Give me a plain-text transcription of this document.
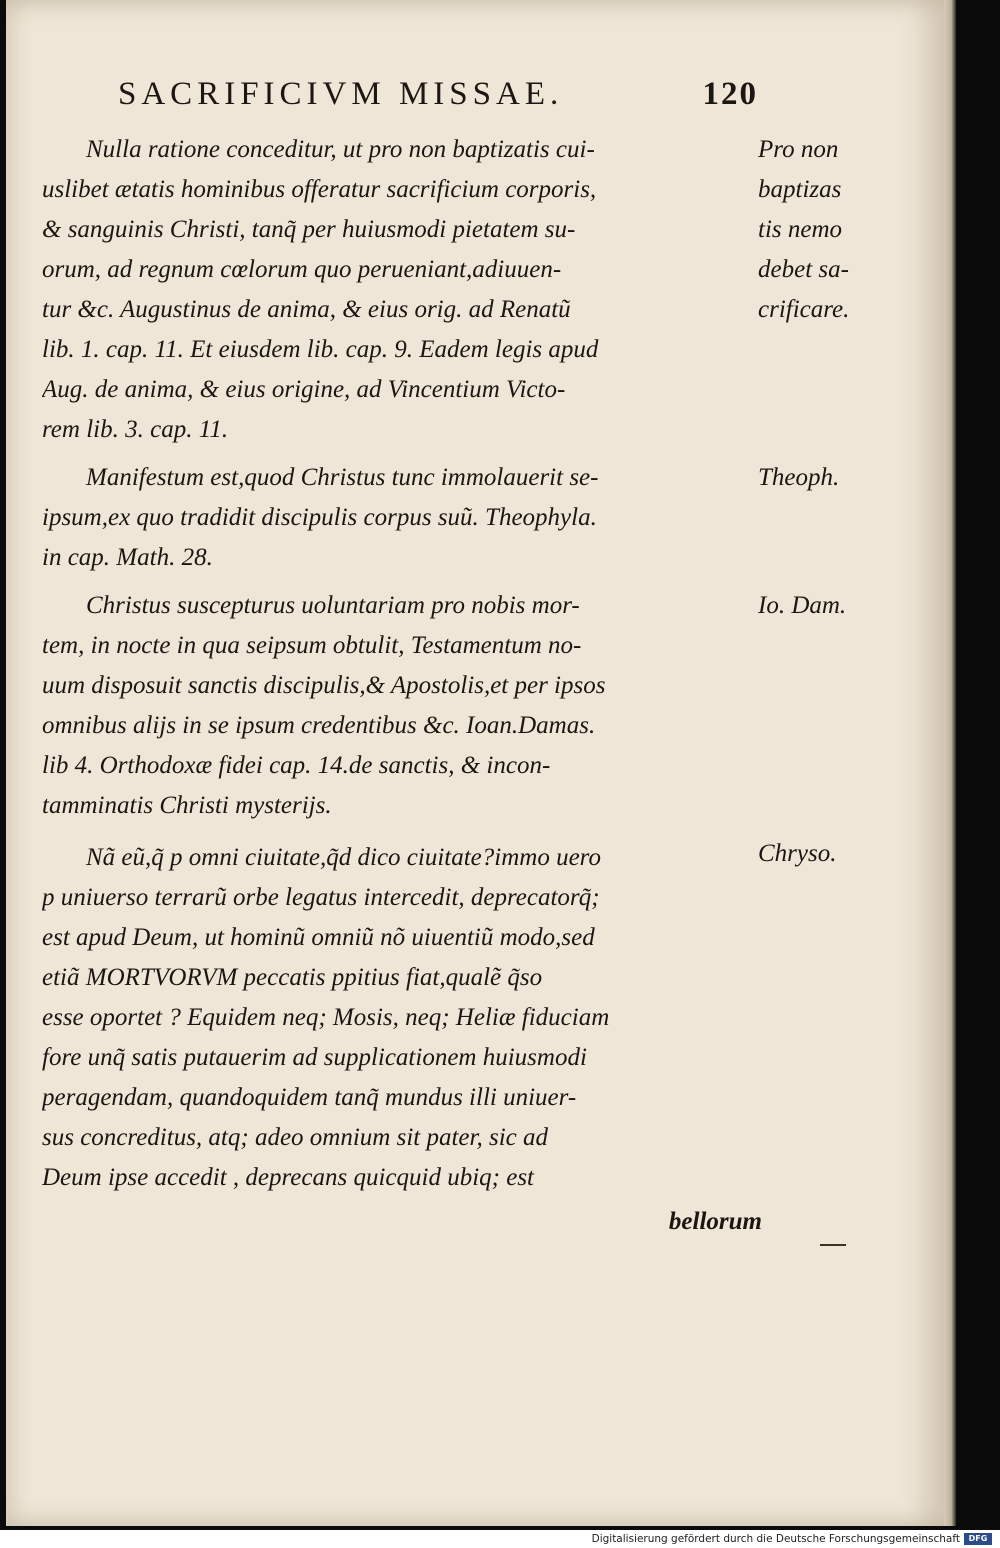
SACRIFICIVM MISSAE.	120
Nulla ratione conceditur, ut pro non baptizatis cui-
uslibet ætatis hominibus offeratur sacrificium corporis,
& sanguinis Christi, tanq̃ per huiusmodi pietatem su-
orum, ad regnum cœlorum quo perueniant,adiuuen-
tur &c. Augustinus de anima, & eius orig. ad Renatũ
lib. 1. cap. 11. Et eiusdem lib. cap. 9. Eadem legis apud
Aug. de anima, & eius origine, ad Vincentium Victo-
rem lib. 3. cap. 11.
Manifestum est,quod Christus tunc immolauerit se-
ipsum,ex quo tradidit discipulis corpus suũ. Theophyla.
in cap. Math. 28.
Christus suscepturus uoluntariam pro nobis mor-
tem, in nocte in qua seipsum obtulit, Testamentum no-
uum disposuit sanctis discipulis,& Apostolis,et per ipsos
omnibus alijs in se ipsum credentibus &c. Ioan.Damas.
lib 4. Orthodoxæ fidei cap. 14.de sanctis, & incon-
tamminatis Christi mysterijs.
Nã eũ,q̃ p omni ciuitate,q̃d dico ciuitate?immo uero
p uniuerso terrarũ orbe legatus intercedit, deprecatorq̃;
est apud Deum, ut hominũ omniũ nõ uiuentiũ modo,sed
etiã MORTVORVM peccatis ppitius fiat,qualẽ q̃so
esse oportet ? Equidem neq; Mosis, neq; Heliæ fiduciam
fore unq̃ satis putauerim ad supplicationem huiusmodi
peragendam, quandoquidem tanq̃ mundus illi uniuer-
sus concreditus, atq; adeo omnium sit pater, sic ad
Deum ipse accedit , deprecans quicquid ubiq; est
bellorum
Pro non
baptizas
tis nemo
debet sa-
crificare.
Theoph.
Io. Dam.
Chryso.
Digitalisierung gefördert durch die Deutsche Forschungsgemeinschaft	DFG
